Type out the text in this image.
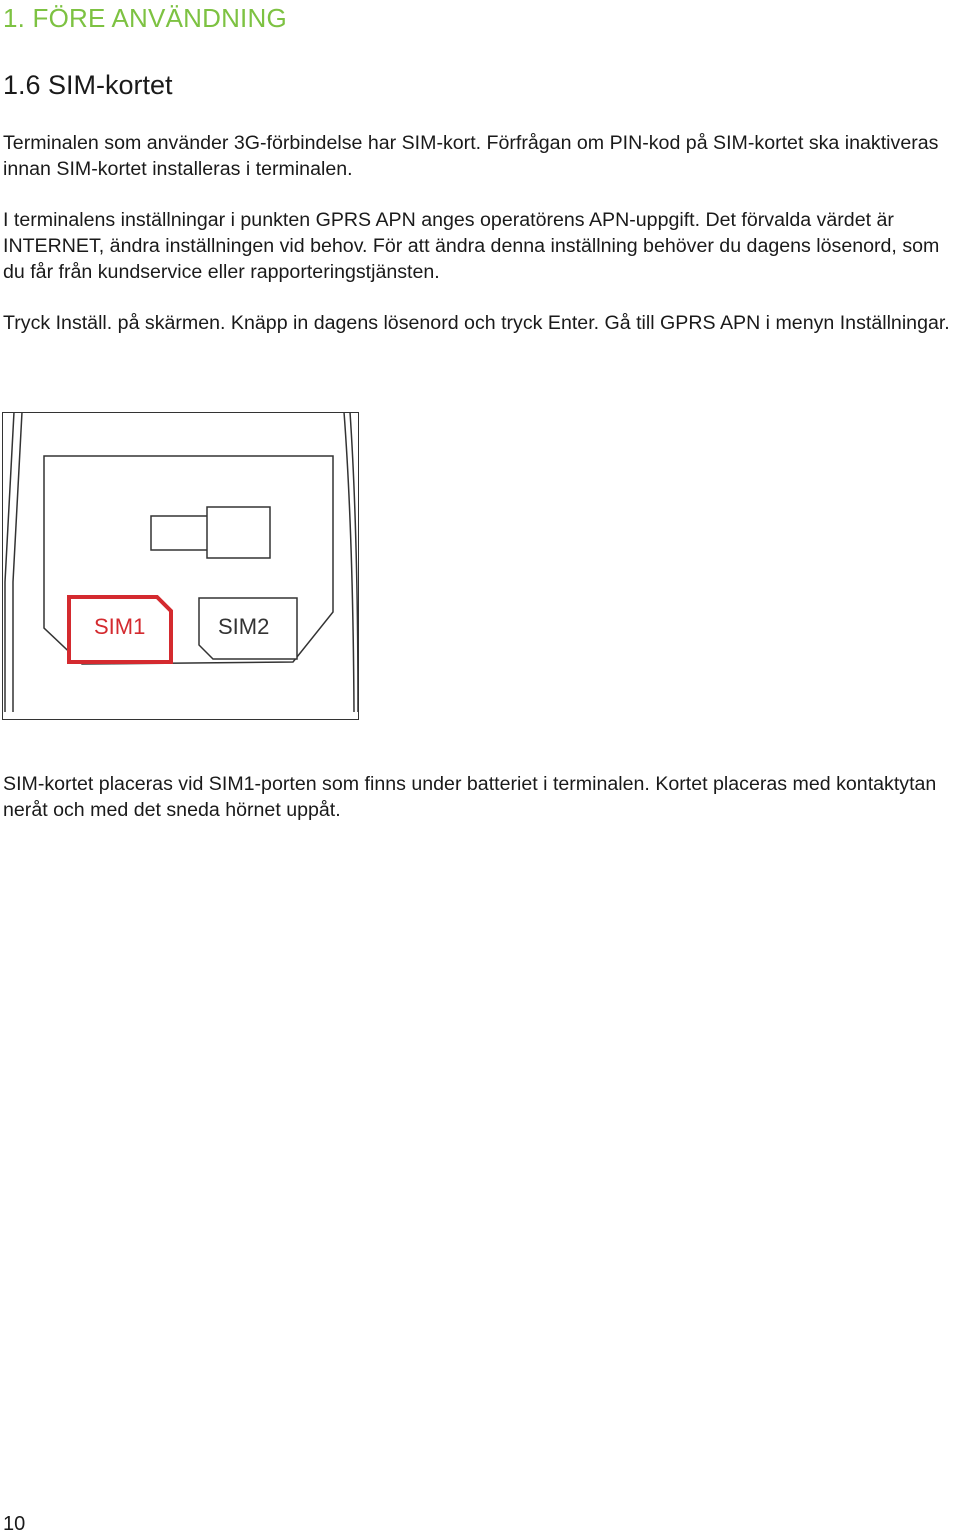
1. FÖRE ANVÄNDNING
1.6 SIM-kortet

Terminalen som använder 3G-förbindelse har SIM-kort. Förfrågan om PIN-kod på SIM-kortet ska inaktiveras innan SIM-kortet installeras i terminalen.

I terminalens inställningar i punkten GPRS APN anges operatörens APN-uppgift. Det förvalda värdet är INTERNET, ändra inställningen vid behov. För att ändra denna inställning behöver du dagens lösenord, som du får från kundservice eller rapporteringstjänsten.

Tryck Inställ. på skärmen. Knäpp in dagens lösenord och tryck Enter. Gå till GPRS APN i menyn Inställningar.

SIM1	SIM2

SIM-kortet placeras vid SIM1-porten som finns under batteriet i terminalen. Kortet placeras med kontaktytan neråt och med det sneda hörnet uppåt.

10
